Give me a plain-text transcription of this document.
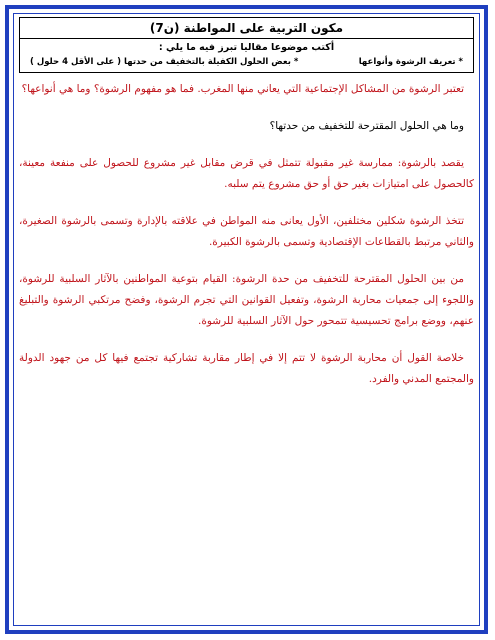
مكون التربية على المواطنة (ن7)
أكتب موضوعا مقاليا تبرز فيه ما يلي :
* تعريف الرشوة وأنواعها
* بعض الحلول الكفيلة بالتخفيف من حدتها ( على الأقل 4 حلول )

تعتبر الرشوة من المشاكل الإجتماعية التي يعاني منها المغرب. فما هو مفهوم الرشوة؟ وما هي أنواعها؟

وما هي الحلول المقترحة للتخفيف من حدتها؟

يقصد بالرشوة: ممارسة غير مقبولة تتمثل في قرض مقابل غير مشروع للحصول على منفعة معينة، كالحصول على امتيازات بغير حق أو حق مشروع يتم سلبه.

تتخذ الرشوة شكلين مختلفين، الأول يعانى منه المواطن في علاقته بالإدارة وتسمى بالرشوة الصغيرة، والثاني مرتبط بالقطاعات الإقتصادية وتسمى بالرشوة الكبيرة.

من بين الحلول المقترحة للتخفيف من حدة الرشوة: القيام بتوعية المواطنين بالآثار السلبية للرشوة، واللجوء إلى جمعيات محاربة الرشوة، وتفعيل القوانين التي تجرم الرشوة، وفضح مرتكبي الرشوة والتبليغ عنهم، ووضع برامج تحسيسية تتمحور حول الآثار السلبية للرشوة.

خلاصة القول أن محاربة الرشوة لا تتم إلا في إطار مقاربة تشاركية تجتمع فيها كل من جهود الدولة والمجتمع المدني والفرد.
